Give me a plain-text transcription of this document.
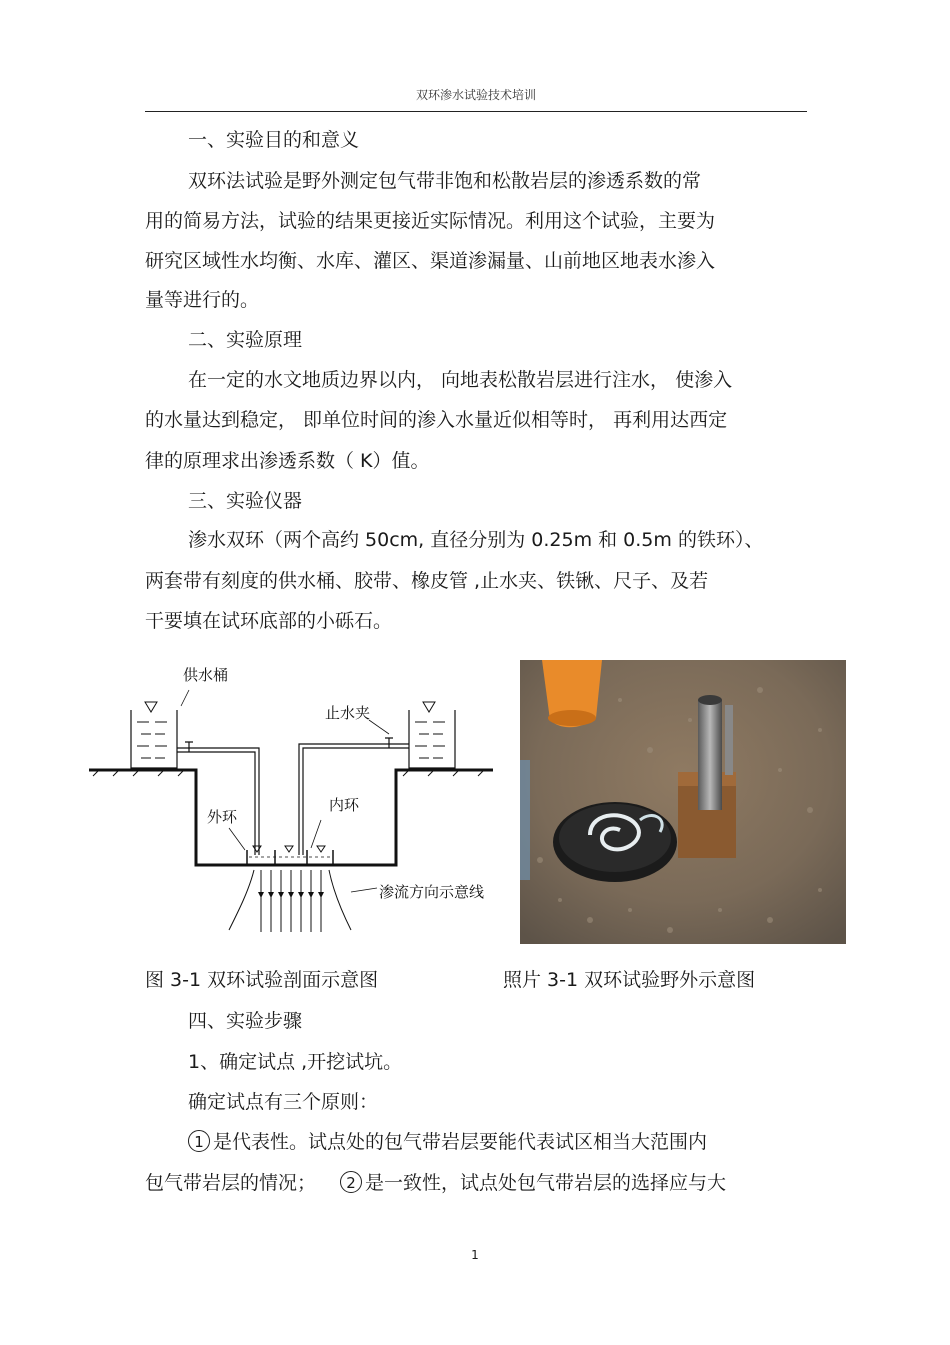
双环渗水试验技术培训
一、实验目的和意义
双环法试验是野外测定包气带非饱和松散岩层的渗透系数的常
用的简易方法，试验的结果更接近实际情况。利用这个试验，主要为
研究区域性水均衡、水库、灌区、渠道渗漏量、山前地区地表水渗入
量等进行的。
二、实验原理
在一定的水文地质边界以内， 向地表松散岩层进行注水， 使渗入
的水量达到稳定， 即单位时间的渗入水量近似相等时， 再利用达西定
律的原理求出渗透系数（ K）值。
三、实验仪器
渗水双环（两个高约 50cm, 直径分别为 0.25m 和 0.5m 的铁环）、
两套带有刻度的供水桶、胶带、橡皮管 ,止水夹、铁锹、尺子、及若
干要填在试环底部的小砾石。
供水桶
止水夹
外环
内环
渗流方向示意线
图 3-1 双环试验剖面示意图	照片 3-1 双环试验野外示意图
四、实验步骤
1、确定试点 ,开挖试坑。
确定试点有三个原则：
1 是代表性。试点处的包气带岩层要能代表试区相当大范围内
包气带岩层的情况； 2 是一致性，试点处包气带岩层的选择应与大
1
